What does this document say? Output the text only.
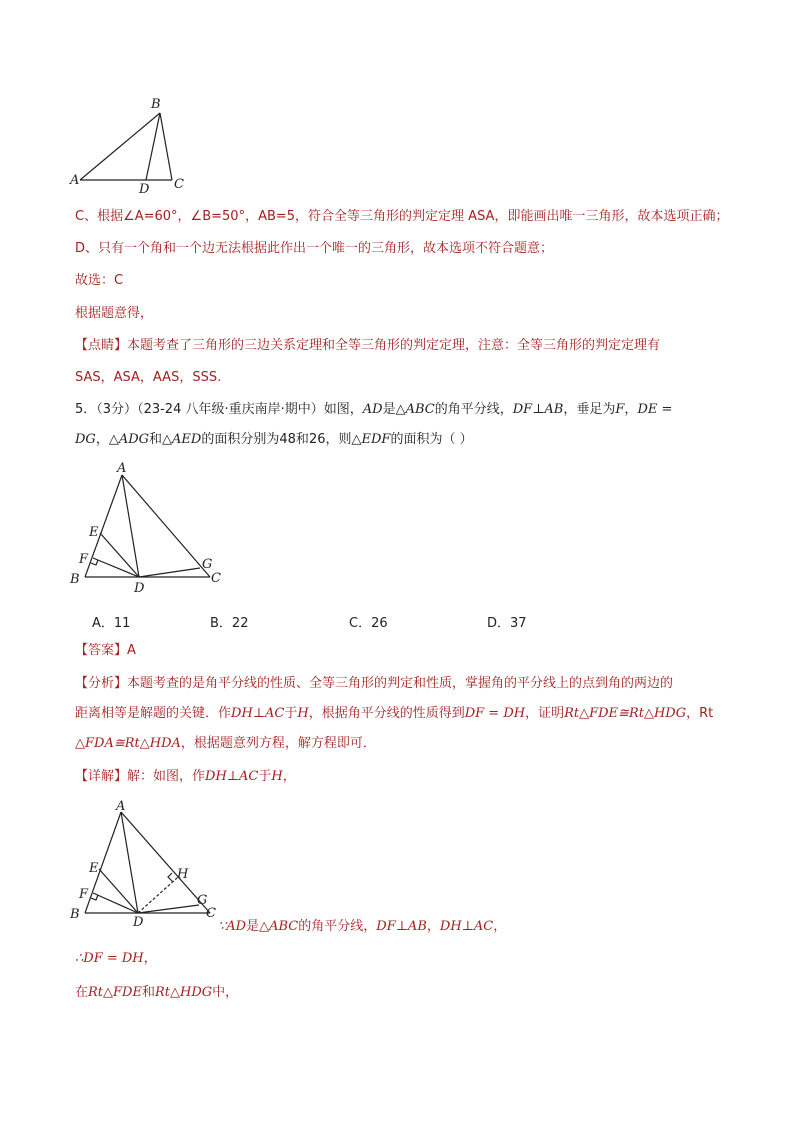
B
A
D C
A
E
F
B
D
G
C
A
E
F
B
D
H
G
C
C、根据∠A=60°，∠B=50°，AB=5，符合全等三角形的判定定理 ASA，即能画出唯一三角形，故本选项正确；
D、只有一个角和一个边无法根据此作出一个唯一的三角形，故本选项不符合题意；
故选：C
根据题意得，
【点睛】本题考查了三角形的三边关系定理和全等三角形的判定定理，注意：全等三角形的判定定理有
SAS，ASA，AAS，SSS.
5．（3分）（23-24 八年级·重庆南岸·期中）如图，AD是△ABC的角平分线，DF⊥AB，垂足为F，DE =
DG，△ADG和△AED的面积分别为48和26，则△EDF的面积为（ ）
A．11	B．22	C．26	D．37
【答案】A
【分析】本题考查的是角平分线的性质、全等三角形的判定和性质，掌握角的平分线上的点到角的两边的
距离相等是解题的关键．作DH⊥AC于H，根据角平分线的性质得到DF = DH，证明Rt△FDE≅Rt△HDG，Rt
△FDA≅Rt△HDA，根据题意列方程，解方程即可．
【详解】解：如图，作DH⊥AC于H，
∵AD是△ABC的角平分线，DF⊥AB，DH⊥AC，
∴DF = DH，
在Rt△FDE和Rt△HDG中，
